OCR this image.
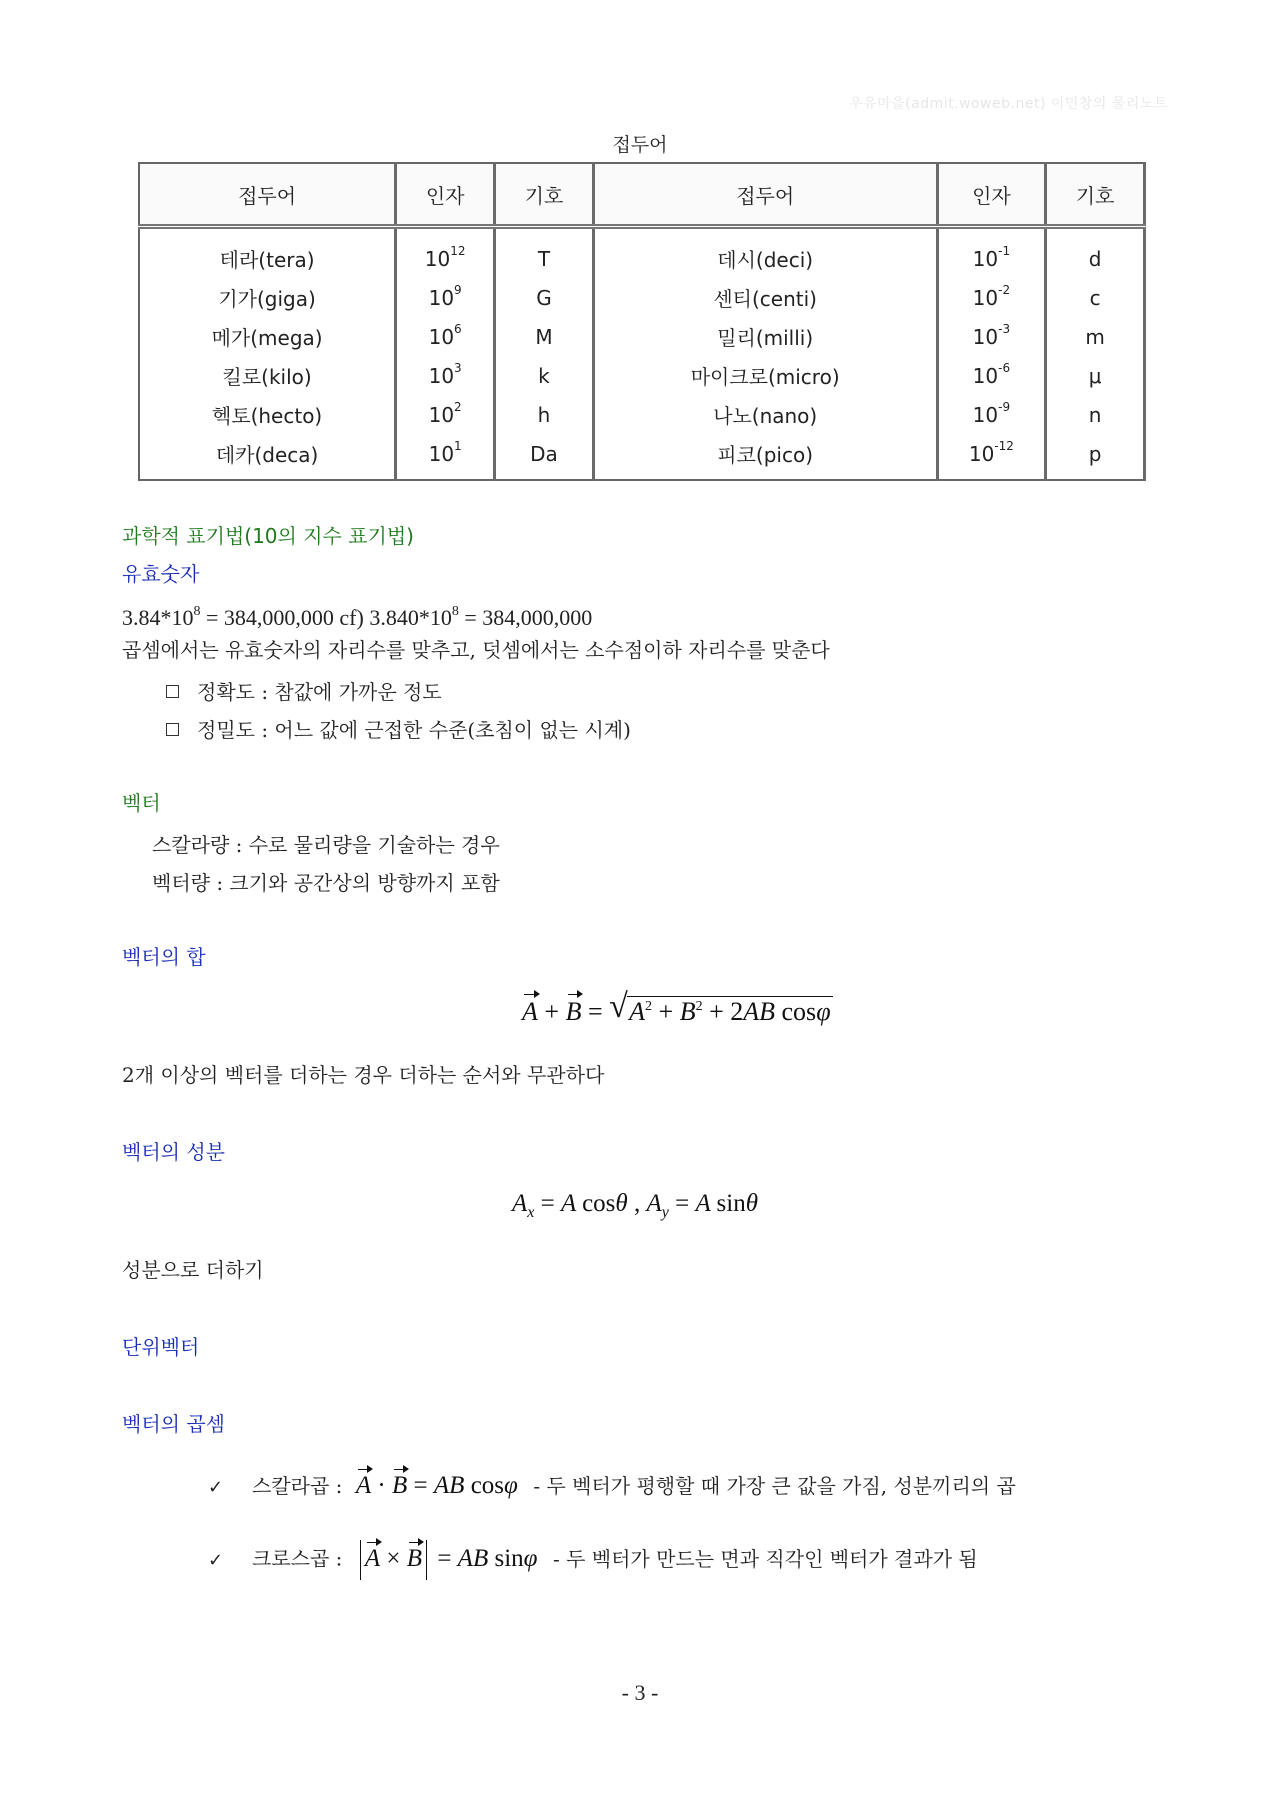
우유마을(admit.woweb.net) 이민창의 물리노트
접두어
접두어	인자	기호	접두어	인자	기호
테라(tera)	$10^{12}$	T	데시(deci)	$10^{-1}$	d
기가(giga)	$10^9$	G	센티(centi)	$10^{-2}$	c
메가(mega)	$10^6$	M	밀리(milli)	$10^{-3}$	m
킬로(kilo)	$10^3$	k	마이크로(micro)	$10^{-6}$	μ
헥토(hecto)	$10^2$	h	나노(nano)	$10^{-9}$	n
데카(deca)	$10^1$	Da	피코(pico)	$10^{-12}$	p
과학적 표기법(10의 지수 표기법)
유효숫자
$3.84*10^8 = 384,000,000$ cf) $3.840*10^8 = 384,000,000$
곱셈에서는 유효숫자의 자리수를 맞추고, 덧셈에서는 소수점이하 자리수를 맞춘다
정확도 : 참값에 가까운 정도
정밀도 : 어느 값에 근접한 수준(초침이 없는 시계)
벡터
스칼라량 : 수로 물리량을 기술하는 경우
벡터량 : 크기와 공간상의 방향까지 포함
벡터의 합
A + B = √ $A^2 + B^2 + 2AB$ cosφ
2개 이상의 벡터를 더하는 경우 더하는 순서와 무관하다
벡터의 성분
$A_x = A$ cosθ , $A_y = A$ sinθ
성분으로 더하기
단위벡터
벡터의 곱셈
✓ 스칼라곱 : A · B = AB cosφ - 두 벡터가 평행할 때 가장 큰 값을 가짐, 성분끼리의 곱
✓ 크로스곱 : A × B = AB sinφ - 두 벡터가 만드는 면과 직각인 벡터가 결과가 됨
- 3 -
